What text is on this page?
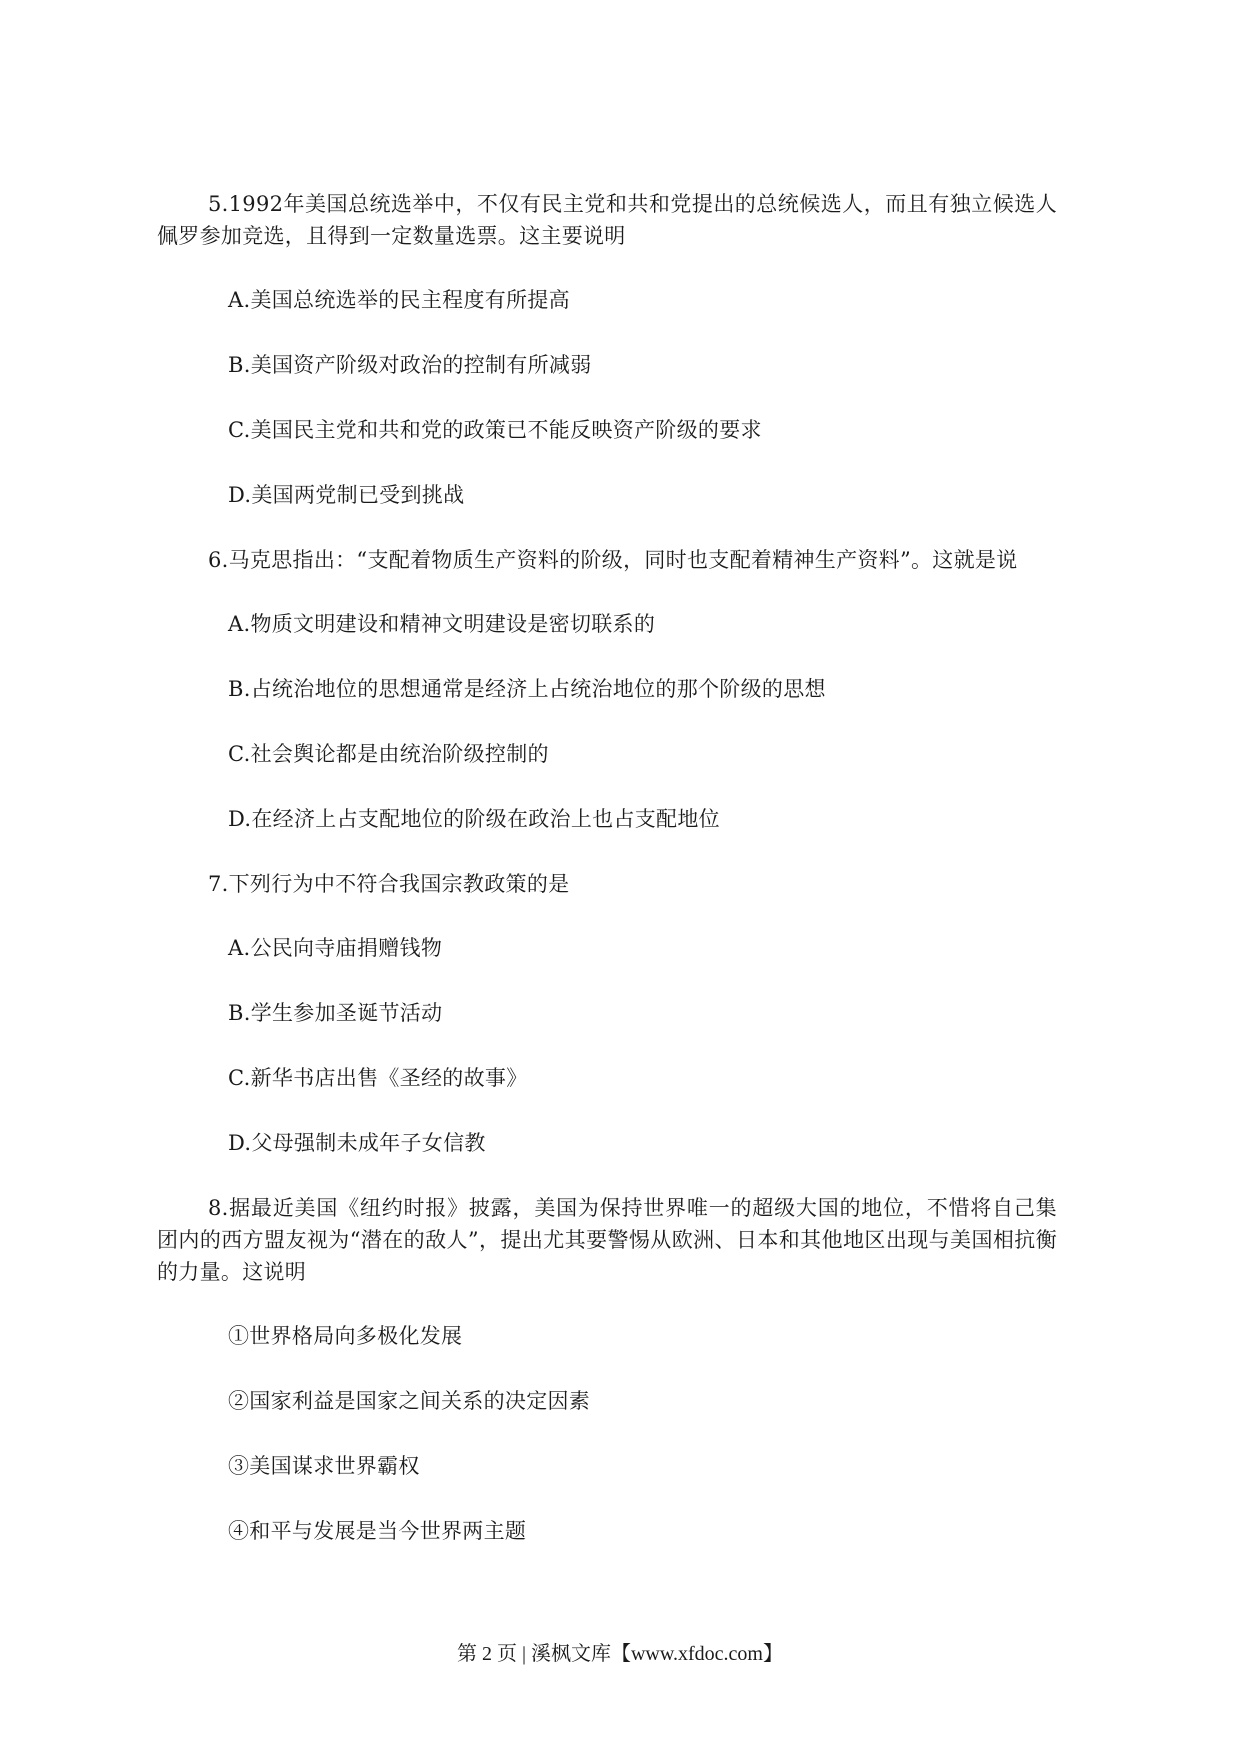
5.1992年美国总统选举中，不仅有民主党和共和党提出的总统候选人，而且有独立候选人佩罗参加竞选，且得到一定数量选票。这主要说明

A.美国总统选举的民主程度有所提高

B.美国资产阶级对政治的控制有所减弱

C.美国民主党和共和党的政策已不能反映资产阶级的要求

D.美国两党制已受到挑战

6.马克思指出：“支配着物质生产资料的阶级，同时也支配着精神生产资料”。这就是说

A.物质文明建设和精神文明建设是密切联系的

B.占统治地位的思想通常是经济上占统治地位的那个阶级的思想

C.社会舆论都是由统治阶级控制的

D.在经济上占支配地位的阶级在政治上也占支配地位

7.下列行为中不符合我国宗教政策的是

A.公民向寺庙捐赠钱物

B.学生参加圣诞节活动

C.新华书店出售《圣经的故事》

D.父母强制未成年子女信教

8.据最近美国《纽约时报》披露，美国为保持世界唯一的超级大国的地位，不惜将自己集团内的西方盟友视为“潜在的敌人”，提出尤其要警惕从欧洲、日本和其他地区出现与美国相抗衡的力量。这说明

①世界格局向多极化发展

②国家利益是国家之间关系的决定因素

③美国谋求世界霸权

④和平与发展是当今世界两主题

第 2 页 | 溪枫文库【www.xfdoc.com】
